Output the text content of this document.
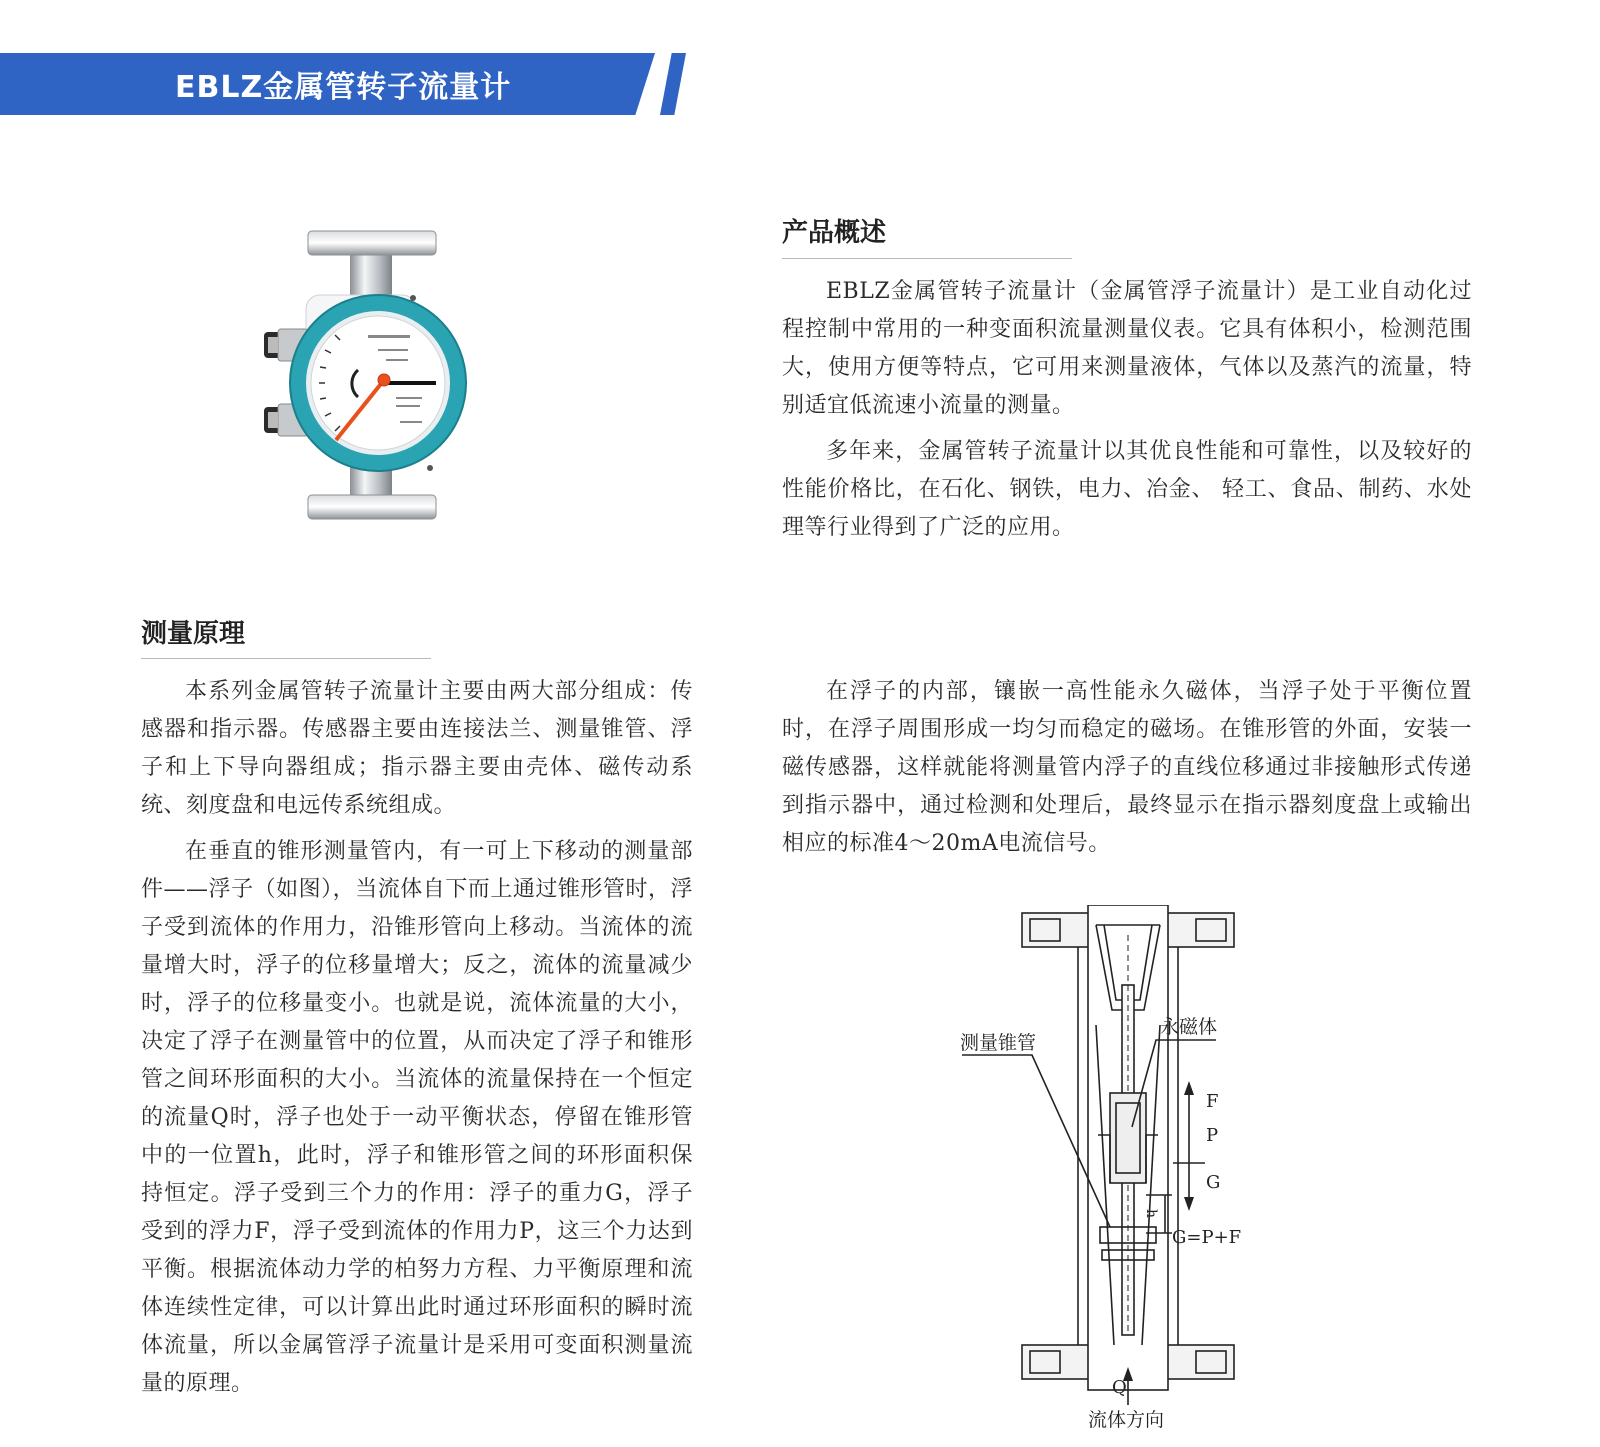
EBLZ金属管转子流量计
产品概述

EBLZ金属管转子流量计（金属管浮子流量计）是工业自动化过程控制中常用的一种变面积流量测量仪表。它具有体积小，检测范围大，使用方便等特点，它可用来测量液体，气体以及蒸汽的流量，特别适宜低流速小流量的测量。

多年来，金属管转子流量计以其优良性能和可靠性，以及较好的性能价格比，在石化、钢铁，电力、冶金、 轻工、食品、制药、水处理等行业得到了广泛的应用。

测量原理

本系列金属管转子流量计主要由两大部分组成：传感器和指示器。传感器主要由连接法兰、测量锥管、浮子和上下导向器组成；指示器主要由壳体、磁传动系统、刻度盘和电远传系统组成。

在垂直的锥形测量管内，有一可上下移动的测量部件——浮子（如图），当流体自下而上通过锥形管时，浮子受到流体的作用力，沿锥形管向上移动。当流体的流量增大时，浮子的位移量增大；反之，流体的流量减少时，浮子的位移量变小。也就是说，流体流量的大小，决定了浮子在测量管中的位置，从而决定了浮子和锥形管之间环形面积的大小。当流体的流量保持在一个恒定的流量Q时，浮子也处于一动平衡状态，停留在锥形管中的一位置h，此时，浮子和锥形管之间的环形面积保持恒定。浮子受到三个力的作用：浮子的重力G，浮子受到的浮力F，浮子受到流体的作用力P，这三个力达到平衡。根据流体动力学的柏努力方程、力平衡原理和流体连续性定律，可以计算出此时通过环形面积的瞬时流体流量，所以金属管浮子流量计是采用可变面积测量流量的原理。

在浮子的内部，镶嵌一高性能永久磁体，当浮子处于平衡位置时，在浮子周围形成一均匀而稳定的磁场。在锥形管的外面，安装一磁传感器，这样就能将测量管内浮子的直线位移通过非接触形式传递到指示器中，通过检测和处理后，最终显示在指示器刻度盘上或输出相应的标准4～20mA电流信号。

测量锥管
永磁体
F
P
G
h
G=P+F
Q
流体方向
